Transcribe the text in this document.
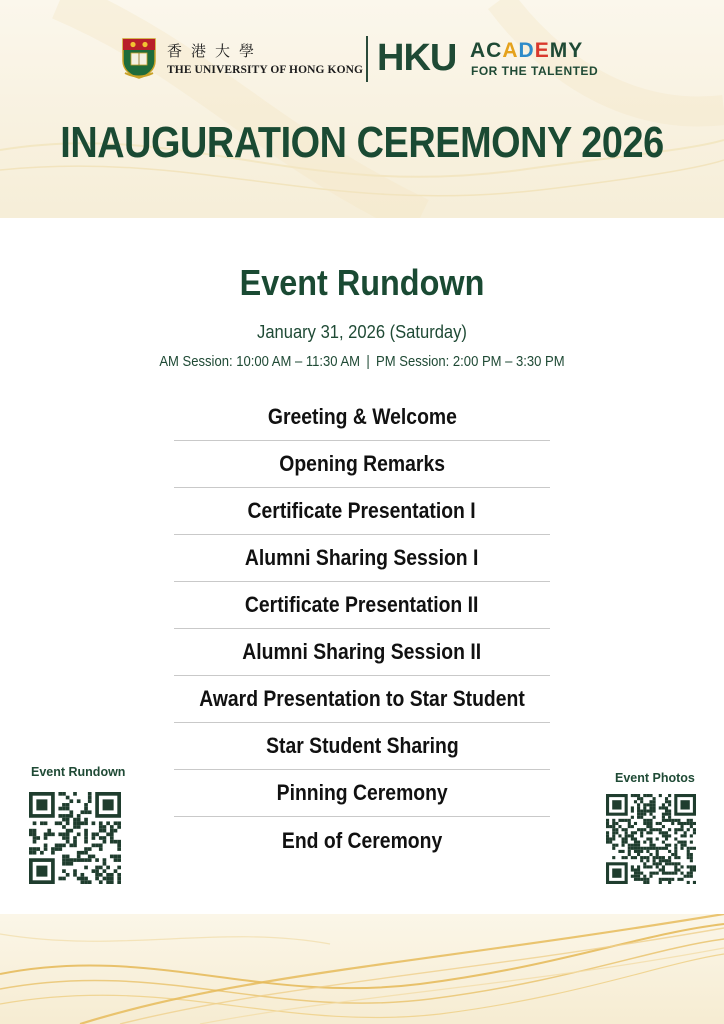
香港大學
THE UNIVERSITY OF HONG KONG HKU ACADEMY
FOR THE TALENTED
INAUGURATION CEREMONY 2026
Event Rundown
January 31, 2026 (Saturday)
AM Session: 10:00 AM – 11:30 AM | PM Session: 2:00 PM – 3:30 PM
Greeting & Welcome
Opening Remarks
Certificate Presentation I
Alumni Sharing Session I
Certificate Presentation II
Alumni Sharing Session II
Award Presentation to Star Student
Star Student Sharing
Pinning Ceremony
End of Ceremony
Event Rundown	Event Photos
